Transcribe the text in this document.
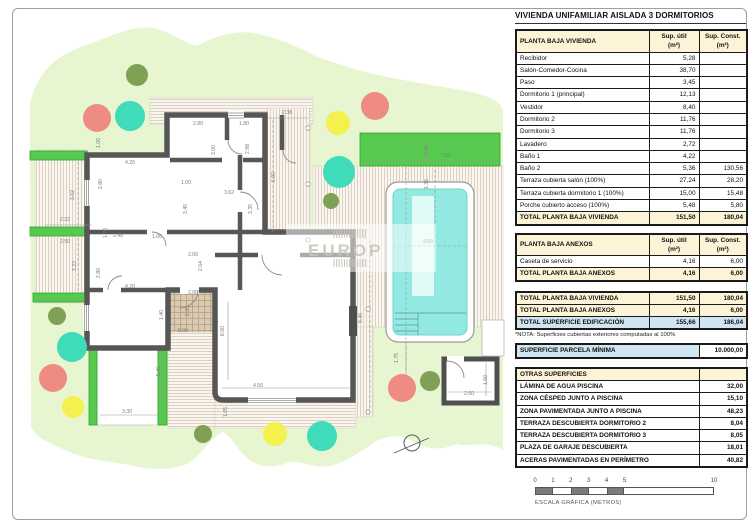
2.80	1.80
2.38
3.00	2.98
6.00
1.00
3.62
3.45	3.35
1.60
2.00
2.64
2.00
4.20
2.80
1.00
3.62
2.22
2.50
3.22
1.70 2.48
4.20
2.80
3.30
5.46
8.60
1.05
4.50
2.20
5.00
1.40
7.55
2.00
1.36
9.40
1.75
2.60
1.60
EUROP
VIVIENDA UNIFAMILIAR AISLADA 3 DORMITORIOS
PLANTA BAJA VIVIENDA	Sup. útil
(m²)	Sup. Const.
(m²)
Recibidor	5,28	
Salón-Comedor-Cocina	38,70	
Paso	3,45	
Dormitorio 1 (principal)	12,13	
Vestidor	8,40	
Dormitorio 2	11,76	
Dormitorio 3	11,76	
Lavadero	2,72	
Baño 1	4,22	
Baño 2	5,36	130,56
Terraza cubierta salón (100%)	27,24	28,20
Terraza cubierta dormitorio 1 (100%)	15,00	15,48
Porche cubierto acceso (100%)	5,48	5,80
TOTAL PLANTA BAJA VIVIENDA	151,50	180,04
PLANTA BAJA ANEXOS	Sup. útil
(m²)	Sup. Const.
(m²)
Caseta de servicio	4,16	6,00
TOTAL PLANTA BAJA ANEXOS	4,16	6,00
TOTAL PLANTA BAJA VIVIENDA	151,50	180,04
TOTAL PLANTA BAJA ANEXOS	4,16	6,00
TOTAL SUPERFICIE EDIFICACIÓN	155,66	186,04
*NOTA: Superficies cubiertas exteriores computadas al 100%
SUPERFICIE PARCELA MÍNIMA	10.000,00
OTRAS SUPERFICIES	
LÁMINA DE AGUA PISCINA	32,00
ZONA CÉSPED JUNTO A PISCINA	15,10
ZONA PAVIMENTADA JUNTO A PISCINA	48,23
TERRAZA DESCUBIERTA DORMITORIO 2	8,04
TERRAZA DESCUBIERTA DORMITORIO 3	8,05
PLAZA DE GARAJE DESCUBIERTA	18,01
ACERAS PAVIMENTADAS EN PERÍMETRO	40,82
0 1 2 3 4 5	10
ESCALA GRÁFICA (METROS)
